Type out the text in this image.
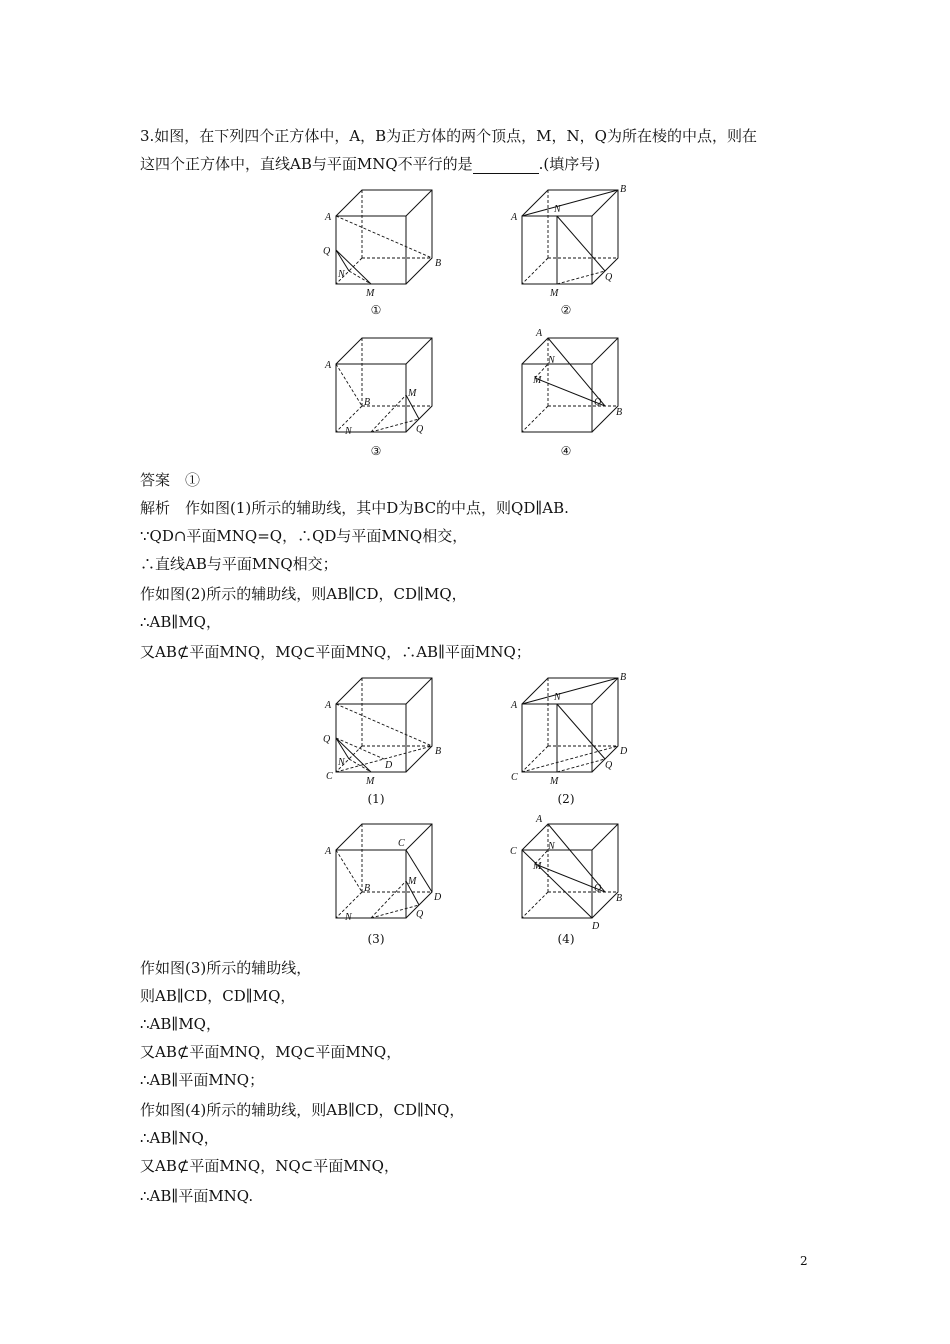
3.如图，在下列四个正方体中，A，B为正方体的两个顶点，M，N，Q为所在棱的中点，则在
这四个正方体中，直线AB与平面MNQ不平行的是	.(填序号)
A
Q
N
M
B
①
A
N
B
M
Q
②
A
M
B
N	Q
③
A
N
M
Q
B
④
答案　 ①
解析　作如图(1)所示的辅助线，其中D为BC的中点，则QD∥AB.
∵QD∩平面MNQ=Q，∴QD与平面MNQ相交，
∴直线AB与平面MNQ相交；
作如图(2)所示的辅助线，则AB∥CD，CD∥MQ，
∴AB∥MQ，
又AB⊄平面MNQ，MQ⊂平面MNQ，∴AB∥平面MNQ；
A
Q
N
C	M
D
B
(1)
A
N
B
C	M
D
Q
(2)
A
C
B
M
N
D
Q
(3)
A
C	N
M
Q
B
D
(4)
作如图(3)所示的辅助线，
则AB∥CD，CD∥MQ，
∴AB∥MQ，
又AB⊄平面MNQ，MQ⊂平面MNQ，
∴AB∥平面MNQ；
作如图(4)所示的辅助线，则AB∥CD，CD∥NQ，
∴AB∥NQ，
又AB⊄平面MNQ，NQ⊂平面MNQ，
∴AB∥平面MNQ.
2
